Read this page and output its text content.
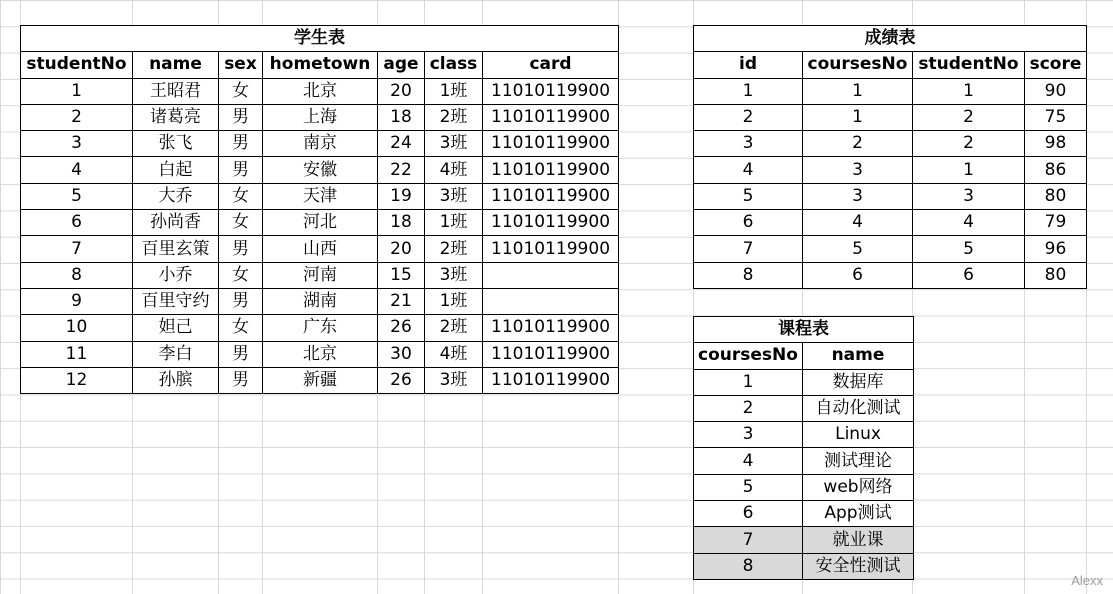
学生表						
studentNo	name	sex	hometown	age	class	card
1	王昭君	女	北京	20	1班	11010119900
2	诸葛亮	男	上海	18	2班	11010119900
3	张飞	男	南京	24	3班	11010119900
4	白起	男	安徽	22	4班	11010119900
5	大乔	女	天津	19	3班	11010119900
6	孙尚香	女	河北	18	1班	11010119900
7	百里玄策	男	山西	20	2班	11010119900
8	小乔	女	河南	15	3班	
9	百里守约	男	湖南	21	1班	
10	妲己	女	广东	26	2班	11010119900
11	李白	男	北京	30	4班	11010119900
12	孙膑	男	新疆	26	3班	11010119900
成绩表			
id	coursesNo	studentNo	score
1	1	1	90
2	1	2	75
3	2	2	98
4	3	1	86
5	3	3	80
6	4	4	79
7	5	5	96
8	6	6	80
课程表	
coursesNo	name
1	数据库
2	自动化测试
3	Linux
4	测试理论
5	web网络
6	App测试
7	就业课
8	安全性测试
Alexx
